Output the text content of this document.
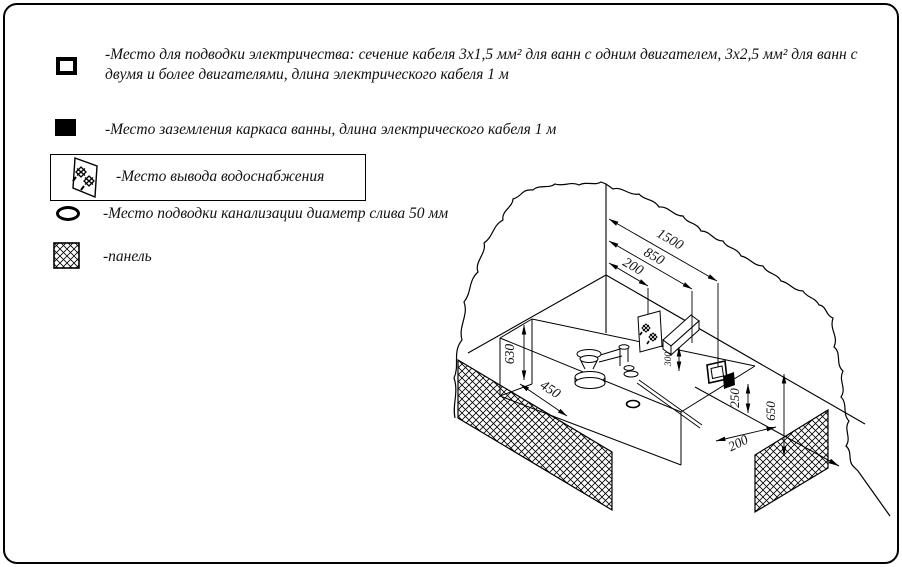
-Место для подводки электричества: сечение кабеля 3х1,5 мм² для ванн с одним двигателем, 3х2,5 мм² для ванн с двумя и более двигателями, длина электрического кабеля 1 м
-Место заземления каркаса ванны, длина электрического кабеля 1 м
-Место вывода водоснабжения
-Место подводки канализации диаметр слива 50 мм
-панель
1500
850
200
630
450
300
250
650
200
